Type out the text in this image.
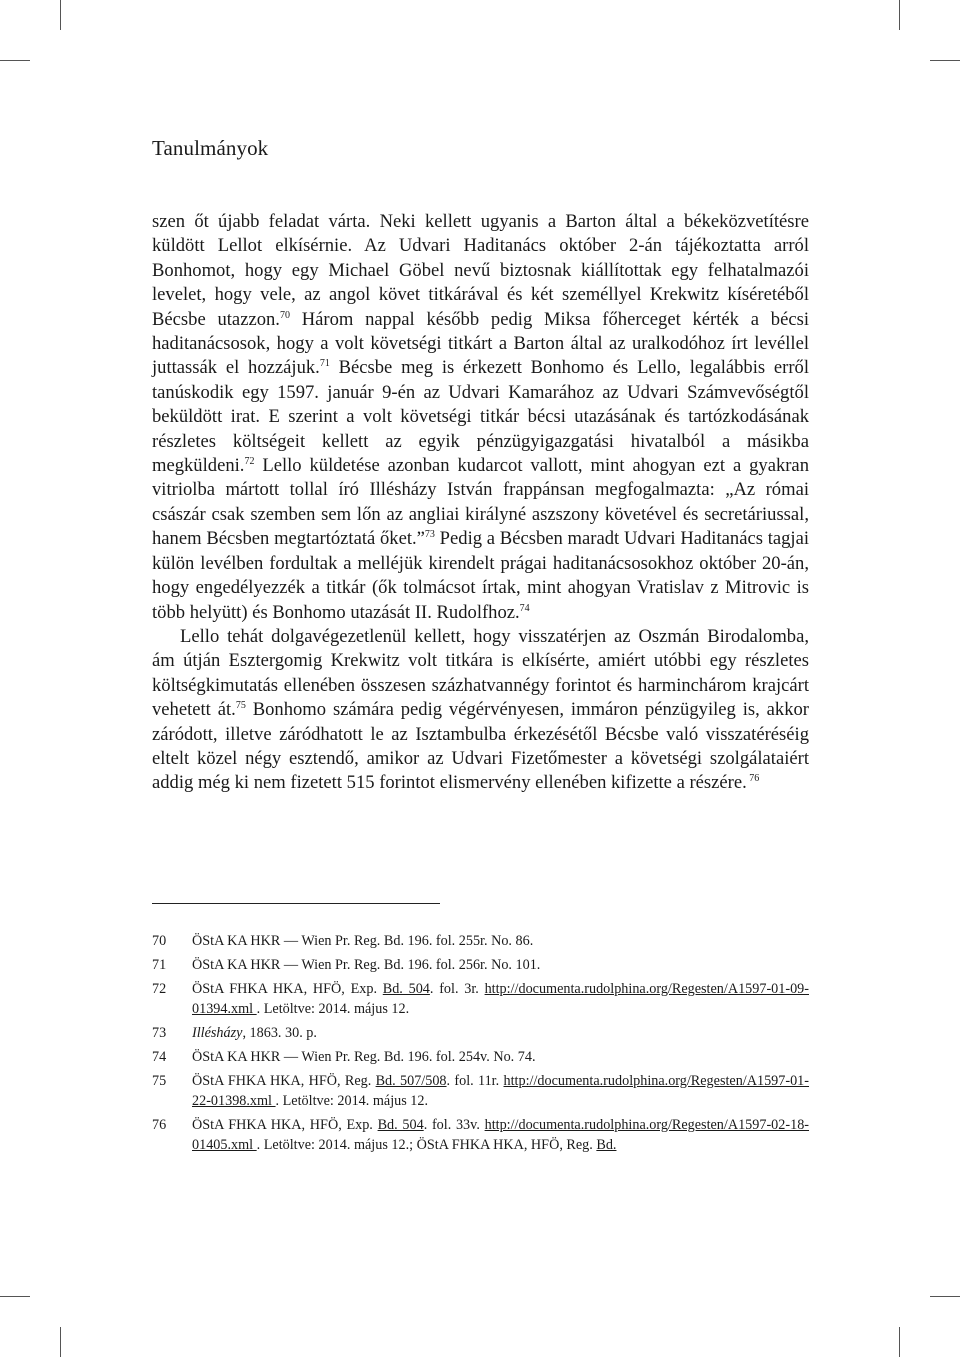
Tanulmányok

szen őt újabb feladat várta. Neki kellett ugyanis a Barton által a békeközvetítésre küldött Lellot elkísérnie. Az Udvari Haditanács október 2-án tájékoztatta arról Bonhomot, hogy egy Michael Göbel nevű biztosnak kiállítottak egy felhatalmazói levelet, hogy vele, az angol követ titkárával és két személlyel Krekwitz kíséretéből Bécsbe utazzon.$^{70}$ Három nappal később pedig Miksa főherceget kérték a bécsi haditanácsosok, hogy a volt követségi titkárt a Barton által az uralkodóhoz írt levéllel juttassák el hozzájuk.$^{71}$ Bécsbe meg is érkezett Bonhomo és Lello, legalábbis erről tanúskodik egy 1597. január 9-én az Udvari Kamarához az Udvari Számvevőségtől beküldött irat. E szerint a volt követségi titkár bécsi utazásának és tartózkodásának részletes költségeit kellett az egyik pénzügyigazgatási hivatalból a másikba megküldeni.$^{72}$ Lello küldetése azonban kudarcot vallott, mint ahogyan ezt a gyakran vitriolba mártott tollal író Illésházy István frappánsan megfogalmazta: „Az római császár csak szemben sem lőn az angliai királyné aszszony követével és secretáriussal, hanem Bécsben megtartóztatá őket.”$^{73}$ Pedig a Bécsben maradt Udvari Haditanács tagjai külön levélben fordultak a melléjük kirendelt prágai haditanácsosokhoz október 20-án, hogy engedélyezzék a titkár (ők tolmácsot írtak, mint ahogyan Vratislav z Mitrovic is több helyütt) és Bonhomo utazását II. Rudolfhoz.$^{74}$

Lello tehát dolgavégezetlenül kellett, hogy visszatérjen az Oszmán Birodalomba, ám útján Esztergomig Krekwitz volt titkára is elkísérte, amiért utóbbi egy részletes költségkimutatás ellenében összesen százhatvannégy forintot és harminchárom krajcárt vehetett át.$^{75}$ Bonhomo számára pedig végérvényesen, immáron pénzügyileg is, akkor záródott, illetve záródhatott le az Isztambulba érkezésétől Bécsbe való visszatéréséig eltelt közel négy esztendő, amikor az Udvari Fizetőmester a követségi szolgálataiért addig még ki nem fizetett 515 forintot elismervény ellenében kifizette a részére. $^{76}$

70	ÖStA KA HKR — Wien Pr. Reg. Bd. 196. fol. 255r. No. 86.
71	ÖStA KA HKR — Wien Pr. Reg. Bd. 196. fol. 256r. No. 101.
72	ÖStA FHKA HKA, HFÖ, Exp. Bd. 504. fol. 3r. http://documenta.rudolphina.org/Regesten/A1597-01-09-01394.xml . Letöltve: 2014. május 12.
73	Illésházy, 1863. 30. p.
74	ÖStA KA HKR — Wien Pr. Reg. Bd. 196. fol. 254v. No. 74.
75	ÖStA FHKA HKA, HFÖ, Reg. Bd. 507/508. fol. 11r. http://documenta.rudolphina.org/Regesten/A1597-01-22-01398.xml . Letöltve: 2014. május 12.
76	ÖStA FHKA HKA, HFÖ, Exp. Bd. 504. fol. 33v. http://documenta.rudolphina.org/Regesten/A1597-02-18-01405.xml . Letöltve: 2014. május 12.; ÖStA FHKA HKA, HFÖ, Reg. Bd.
